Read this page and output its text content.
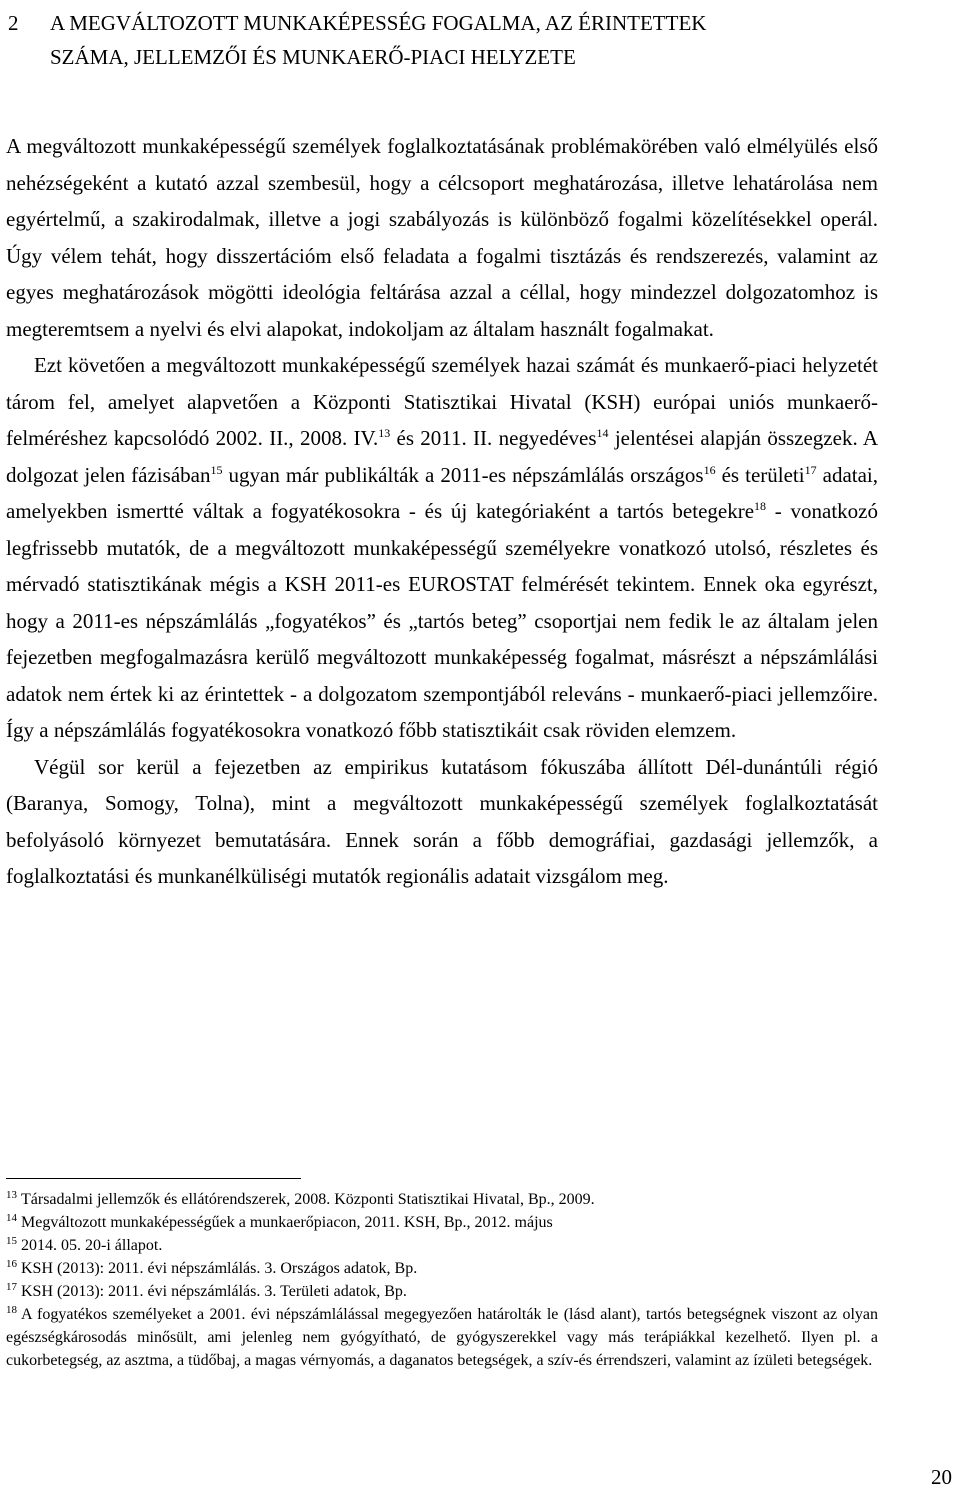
2 A MEGVÁLTOZOTT MUNKAKÉPESSÉG FOGALMA, AZ ÉRINTETTEK
SZÁMA, JELLEMZŐI ÉS MUNKAERŐ-PIACI HELYZETE

A megváltozott munkaképességű személyek foglalkoztatásának problémakörében való elmélyülés első nehézségeként a kutató azzal szembesül, hogy a célcsoport meghatározása, illetve lehatárolása nem egyértelmű, a szakirodalmak, illetve a jogi szabályozás is különböző fogalmi közelítésekkel operál. Úgy vélem tehát, hogy disszertációm első feladata a fogalmi tisztázás és rendszerezés, valamint az egyes meghatározások mögötti ideológia feltárása azzal a céllal, hogy mindezzel dolgozatomhoz is megteremtsem a nyelvi és elvi alapokat, indokoljam az általam használt fogalmakat.

Ezt követően a megváltozott munkaképességű személyek hazai számát és munkaerő-piaci helyzetét tárom fel, amelyet alapvetően a Központi Statisztikai Hivatal (KSH) európai uniós munkaerő-felméréshez kapcsolódó 2002. II., 2008. IV.$^{13}$ és 2011. II. negyedéves$^{14}$ jelentései alapján összegzek. A dolgozat jelen fázisában$^{15}$ ugyan már publikálták a 2011-es népszámlálás országos$^{16}$ és területi$^{17}$ adatai, amelyekben ismertté váltak a fogyatékosokra - és új kategóriaként a tartós betegekre$^{18}$ - vonatkozó legfrissebb mutatók, de a megváltozott munkaképességű személyekre vonatkozó utolsó, részletes és mérvadó statisztikának mégis a KSH 2011-es EUROSTAT felmérését tekintem. Ennek oka egyrészt, hogy a 2011-es népszámlálás „fogyatékos” és „tartós beteg” csoportjai nem fedik le az általam jelen fejezetben megfogalmazásra kerülő megváltozott munkaképesség fogalmat, másrészt a népszámlálási adatok nem értek ki az érintettek - a dolgozatom szempontjából releváns - munkaerő-piaci jellemzőire. Így a népszámlálás fogyatékosokra vonatkozó főbb statisztikáit csak röviden elemzem.

Végül sor kerül a fejezetben az empirikus kutatásom fókuszába állított Dél-dunántúli régió (Baranya, Somogy, Tolna), mint a megváltozott munkaképességű személyek foglalkoztatását befolyásoló környezet bemutatására. Ennek során a főbb demográfiai, gazdasági jellemzők, a foglalkoztatási és munkanélküliségi mutatók regionális adatait vizsgálom meg.

$^{13}$ Társadalmi jellemzők és ellátórendszerek, 2008. Központi Statisztikai Hivatal, Bp., 2009.

$^{14}$ Megváltozott munkaképességűek a munkaerőpiacon, 2011. KSH, Bp., 2012. május

$^{15}$ 2014. 05. 20-i állapot.

$^{16}$ KSH (2013): 2011. évi népszámlálás. 3. Országos adatok, Bp.

$^{17}$ KSH (2013): 2011. évi népszámlálás. 3. Területi adatok, Bp.

$^{18}$ A fogyatékos személyeket a 2001. évi népszámlálással megegyezően határolták le (lásd alant), tartós betegségnek viszont az olyan egészségkárosodás minősült, ami jelenleg nem gyógyítható, de gyógyszerekkel vagy más terápiákkal kezelhető. Ilyen pl. a cukorbetegség, az asztma, a tüdőbaj, a magas vérnyomás, a daganatos betegségek, a szív-és érrendszeri, valamint az ízületi betegségek.

20
